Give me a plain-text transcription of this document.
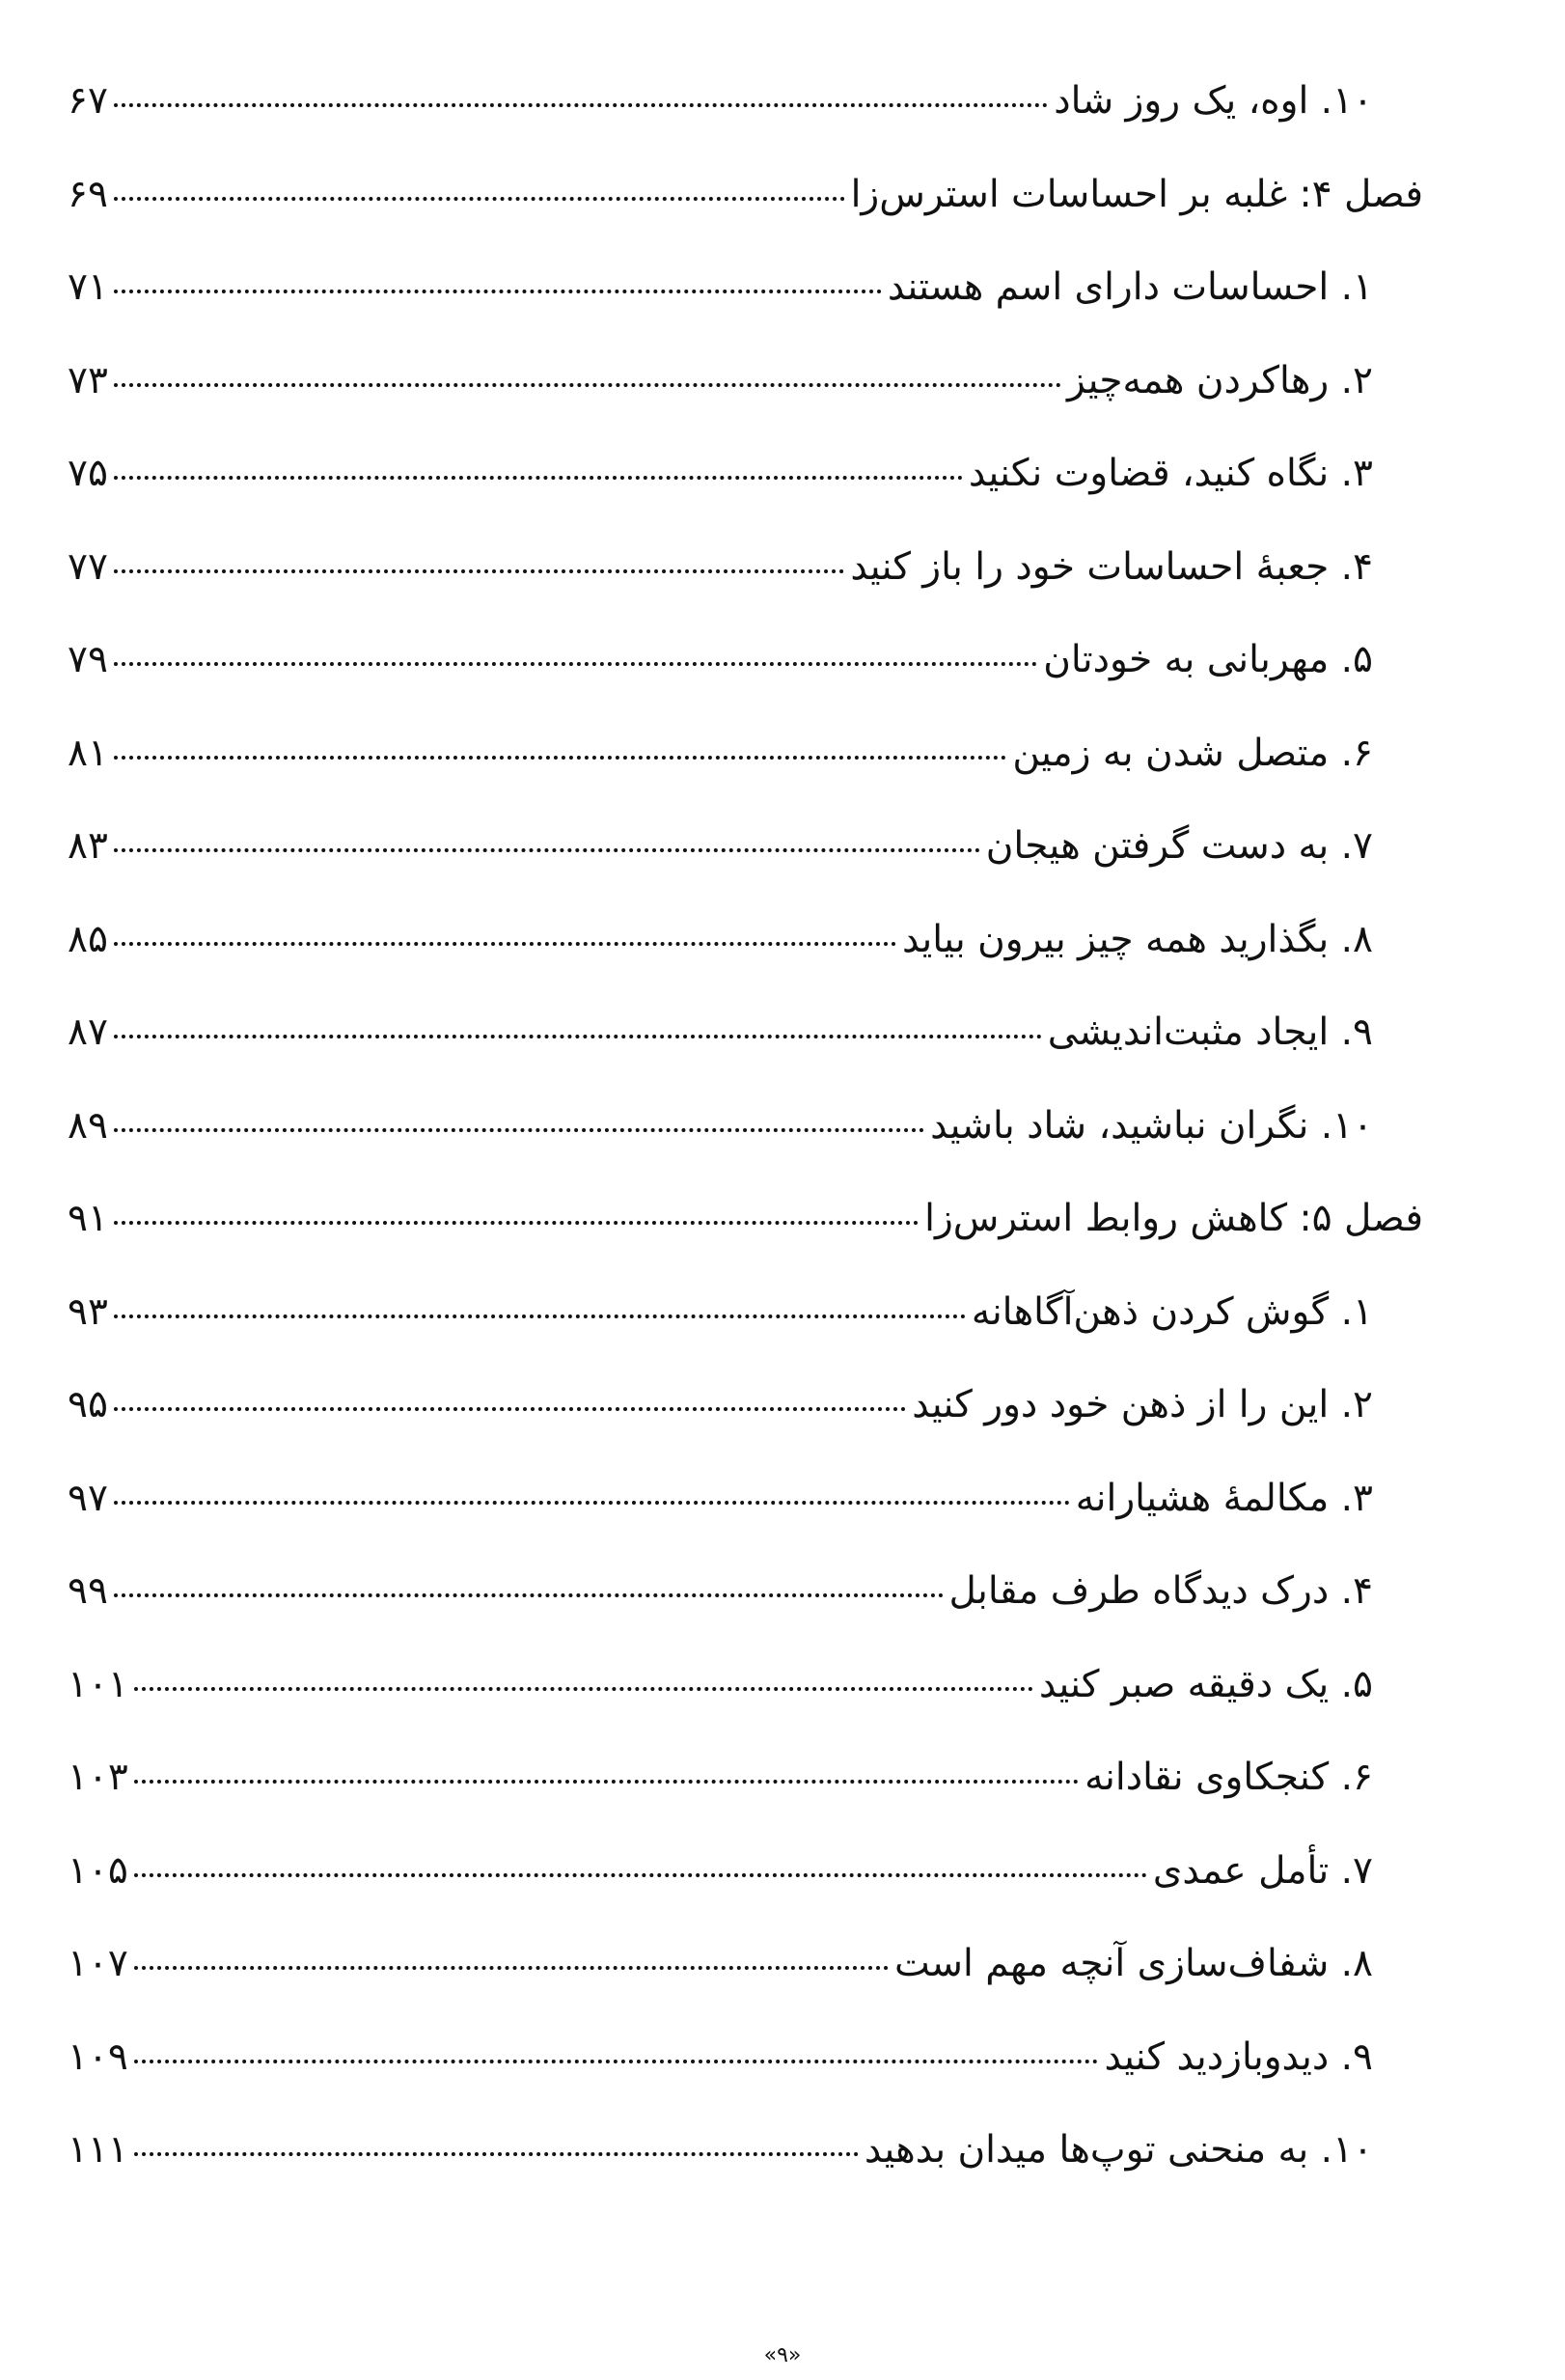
۱۰. اوه، یک روز شاد
۶۷
فصل ۴: غلبه بر احساسات استرس‌زا
۶۹
۱. احساسات دارای اسم هستند
۷۱
۲. رهاکردن همه‌چیز
۷۳
۳. نگاه کنید، قضاوت نکنید
۷۵
۴. جعبهٔ احساسات خود را باز کنید
۷۷
۵. مهربانی به خودتان
۷۹
۶. متصل شدن به زمین
۸۱
۷. به دست گرفتن هیجان
۸۳
۸. بگذارید همه چیز بیرون بیاید
۸۵
۹. ایجاد مثبت‌اندیشی
۸۷
۱۰. نگران نباشید، شاد باشید
۸۹
فصل ۵: کاهش روابط استرس‌زا
۹۱
۱. گوش کردن ذهن‌آگاهانه
۹۳
۲. این را از ذهن خود دور کنید
۹۵
۳. مکالمهٔ هشیارانه
۹۷
۴. درک دیدگاه طرف مقابل
۹۹
۵. یک دقیقه صبر کنید
۱۰۱
۶. کنجکاوی نقادانه
۱۰۳
۷. تأمل عمدی
۱۰۵
۸. شفاف‌سازی آنچه مهم است
۱۰۷
۹. دیدوبازدید کنید
۱۰۹
۱۰. به منحنی توپ‌ها میدان بدهید
۱۱۱
«۹»
